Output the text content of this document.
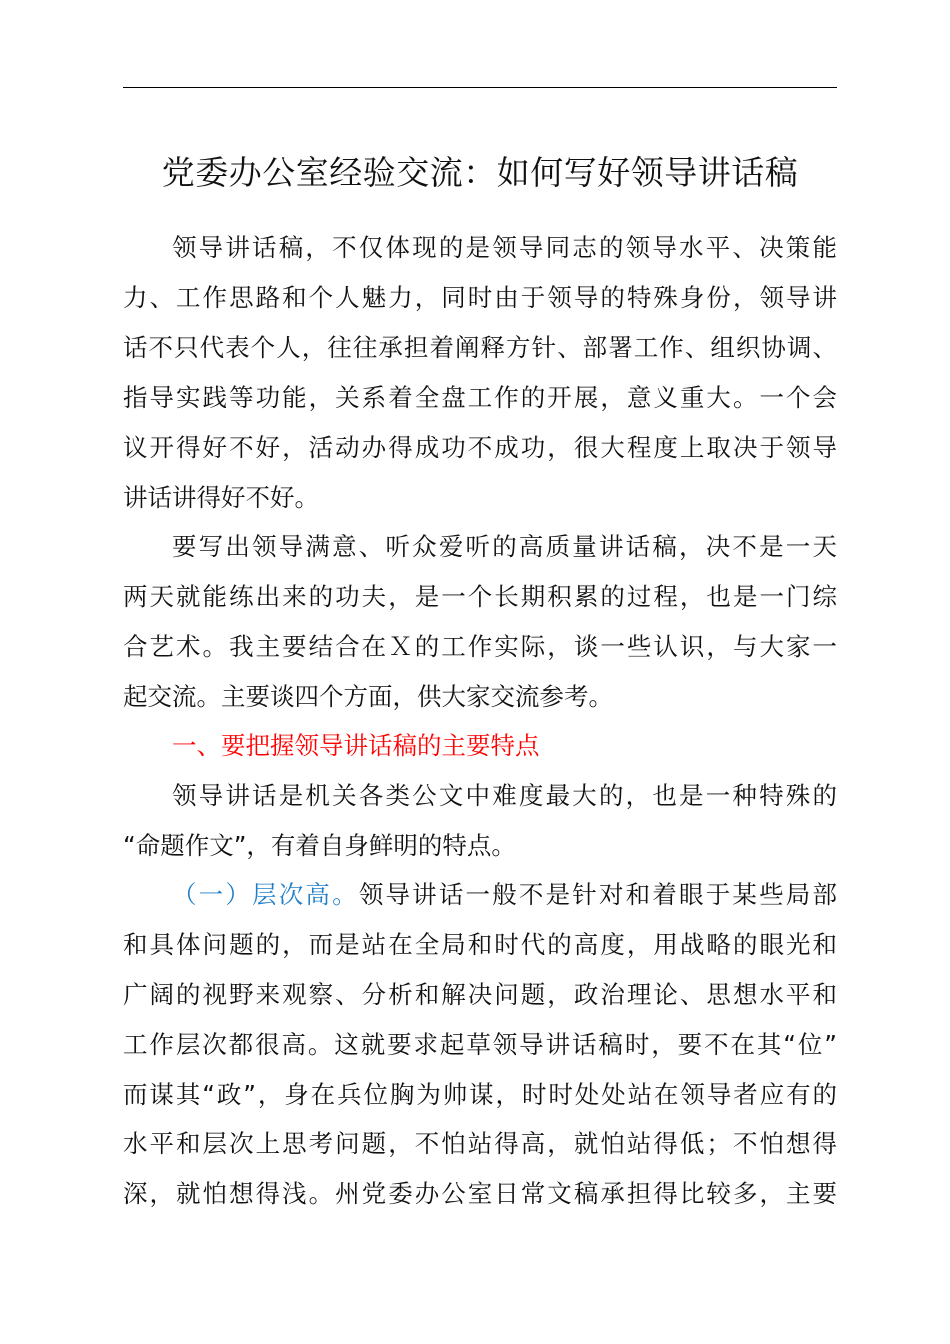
党委办公室经验交流：如何写好领导讲话稿
领导讲话稿，不仅体现的是领导同志的领导水平、决策能
力、工作思路和个人魅力，同时由于领导的特殊身份，领导讲
话不只代表个人，往往承担着阐释方针、部署工作、组织协调、
指导实践等功能，关系着全盘工作的开展，意义重大。一个会
议开得好不好，活动办得成功不成功，很大程度上取决于领导
讲话讲得好不好。
要写出领导满意、听众爱听的高质量讲话稿，决不是一天
两天就能练出来的功夫，是一个长期积累的过程，也是一门综
合艺术。我主要结合在Ｘ的工作实际，谈一些认识，与大家一
起交流。主要谈四个方面，供大家交流参考。
一、要把握领导讲话稿的主要特点
领导讲话是机关各类公文中难度最大的，也是一种特殊的
“命题作文”，有着自身鲜明的特点。
（一）层次高。领导讲话一般不是针对和着眼于某些局部
和具体问题的，而是站在全局和时代的高度，用战略的眼光和
广阔的视野来观察、分析和解决问题，政治理论、思想水平和
工作层次都很高。这就要求起草领导讲话稿时，要不在其“位”
而谋其“政”，身在兵位胸为帅谋，时时处处站在领导者应有的
水平和层次上思考问题，不怕站得高，就怕站得低；不怕想得
深，就怕想得浅。州党委办公室日常文稿承担得比较多，主要
